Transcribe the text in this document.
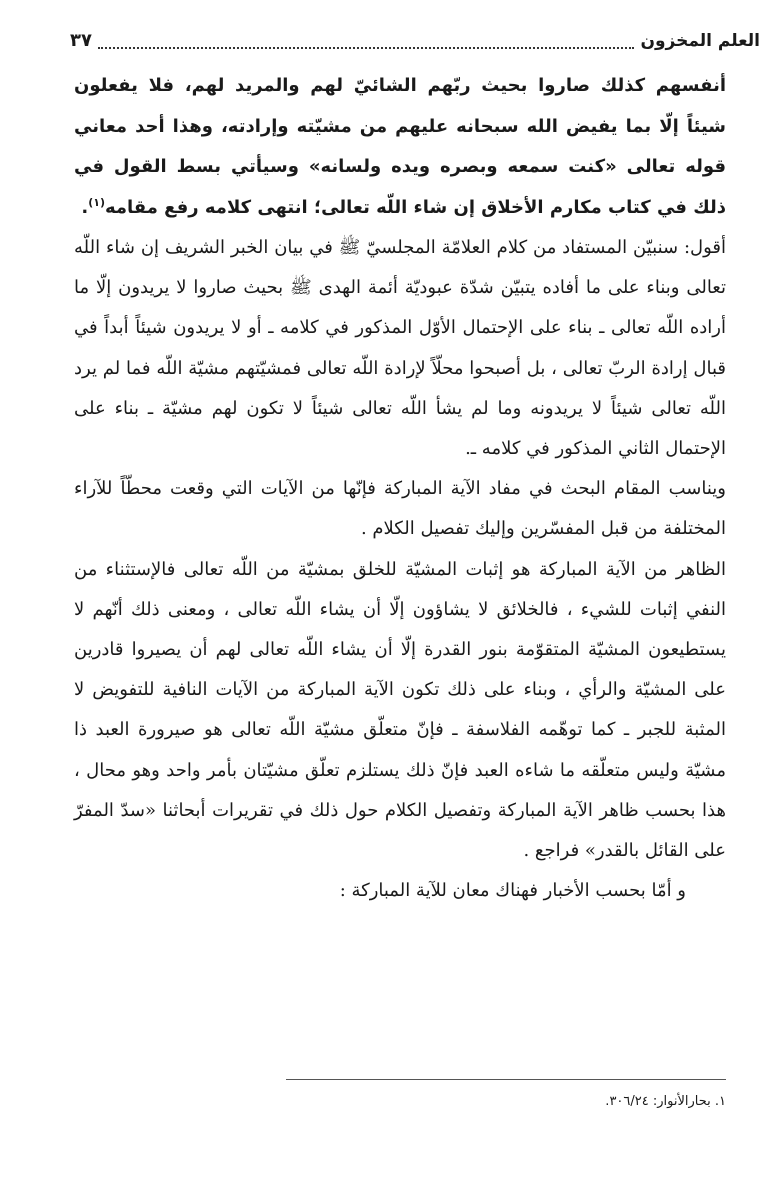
العلم المخزون
٣٧

أنفسهم كذلك صاروا بحيث ربّهم الشائيّ لهم والمريد لهم، فلا يفعلون شيئاً إلّا بما يفيض الله سبحانه عليهم من مشيّته وإرادته، وهذا أحد معاني قوله تعالى «كنت سمعه وبصره ويده ولسانه» وسيأتي بسط القول في ذلك في كتاب مكارم الأخلاق إن شاء اللّه تعالى؛ انتهى كلامه رفع مقامه$^{(١)}$.

أقول: سنبيّن المستفاد من كلام العلامّة المجلسيّ ﷺ في بيان الخبر الشريف إن شاء اللّه تعالى وبناء على ما أفاده يتبيّن شدّة عبوديّة أئمة الهدى ﷺ بحيث صاروا لا يريدون إلّا ما أراده اللّه تعالى ـ بناء على الإحتمال الأوّل المذكور في كلامه ـ أو لا يريدون شيئاً أبداً في قبال إرادة الربّ تعالى ، بل أصبحوا محلّاً لإرادة اللّه تعالى فمشيّتهم مشيّة اللّه فما لم يرد اللّه تعالى شيئاً لا يريدونه وما لم يشأ اللّه تعالى شيئاً لا تكون لهم مشيّة ـ بناء على الإحتمال الثاني المذكور في كلامه ـ.

ويناسب المقام البحث في مفاد الآية المباركة فإنّها من الآيات التي وقعت محطّاً للآراء المختلفة من قبل المفسّرين وإليك تفصيل الكلام .

الظاهر من الآية المباركة هو إثبات المشيّة للخلق بمشيّة من اللّه تعالى فالإستثناء من النفي إثبات للشيء ، فالخلائق لا يشاؤون إلّا أن يشاء اللّه تعالى ، ومعنى ذلك أنّهم لا يستطيعون المشيّة المتقوّمة بنور القدرة إلّا أن يشاء اللّه تعالى لهم أن يصيروا قادرين على المشيّة والرأي ، وبناء على ذلك تكون الآية المباركة من الآيات النافية للتفويض لا المثبة للجبر ـ كما توهّمه الفلاسفة ـ فإنّ متعلّق مشيّة اللّه تعالى هو صيرورة العبد ذا مشيّة وليس متعلّقه ما شاءه العبد فإنّ ذلك يستلزم تعلّق مشيّتان بأمر واحد وهو محال ، هذا بحسب ظاهر الآية المباركة وتفصيل الكلام حول ذلك في تقريرات أبحاثنا «سدّ المفرّ على القائل بالقدر» فراجع .

و أمّا بحسب الأخبار فهناك معان للآية المباركة :

١. بحارالأنوار: ٣٠٦/٢٤.
